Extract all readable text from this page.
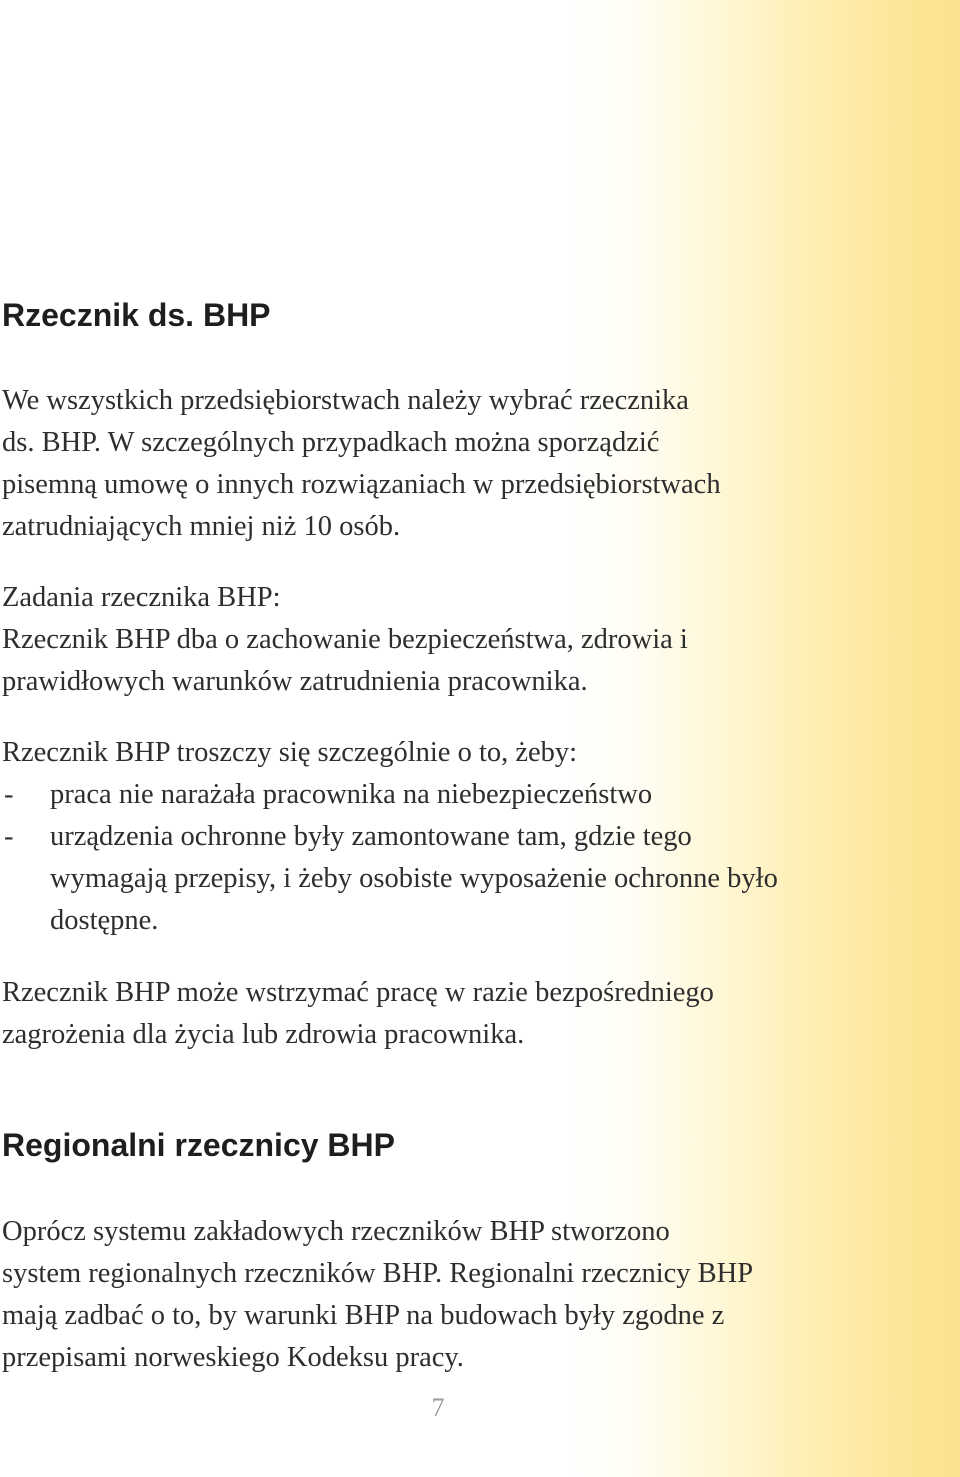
Rzecznik ds. BHP

We wszystkich przedsiębiorstwach należy wybrać rzecznika
ds. BHP. W szczególnych przypadkach można sporządzić
pisemną umowę o innych rozwiązaniach w przedsiębiorstwach
zatrudniających mniej niż 10 osób.

Zadania rzecznika BHP:
Rzecznik BHP dba o zachowanie bezpieczeństwa, zdrowia i
prawidłowych warunków zatrudnienia pracownika.

Rzecznik BHP troszczy się szczególnie o to, żeby:

- praca nie narażała pracownika na niebezpieczeństwo
- urządzenia ochronne były zamontowane tam, gdzie tego
wymagają przepisy, i żeby osobiste wyposażenie ochronne było
dostępne.

Rzecznik BHP może wstrzymać pracę w razie bezpośredniego
zagrożenia dla życia lub zdrowia pracownika.

Regionalni rzecznicy BHP

Oprócz systemu zakładowych rzeczników BHP stworzono
system regionalnych rzeczników BHP. Regionalni rzecznicy BHP
mają zadbać o to, by warunki BHP na budowach były zgodne z
przepisami norweskiego Kodeksu pracy.

7
